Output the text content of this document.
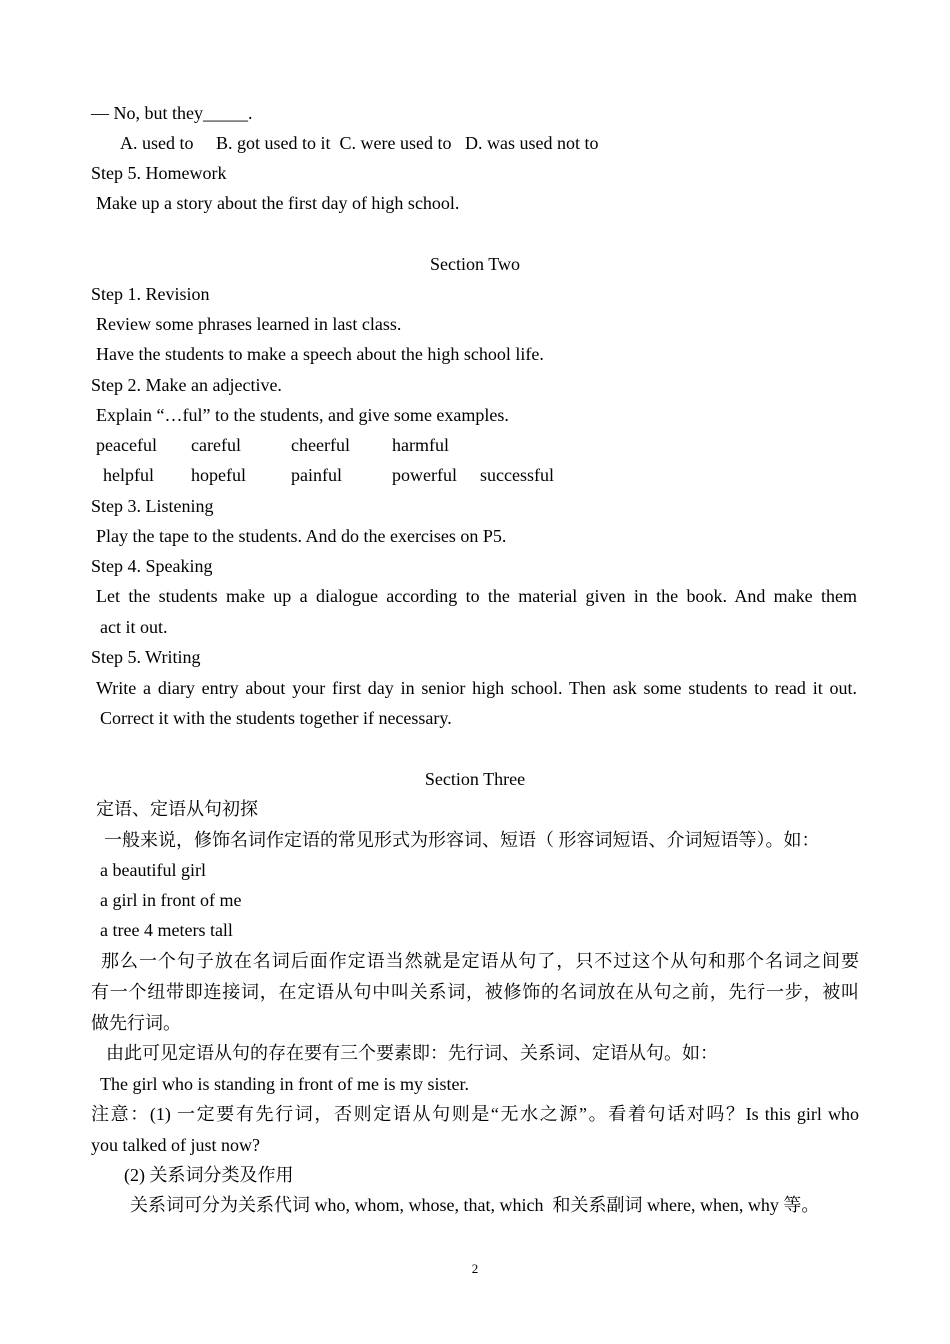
— No, but they_____.
A. used to     B. got used to it  C. were used to   D. was used not to
Step 5. Homework
Make up a story about the first day of high school.
Section Two
Step 1. Revision
Review some phrases learned in last class.
Have the students to make a speech about the high school life.
Step 2. Make an adjective.
Explain “…ful” to the students, and give some examples.
peaceful careful	cheerful harmful
helpful hopeful	painful	powerful successful
Step 3. Listening
Play the tape to the students. And do the exercises on P5.
Step 4. Speaking
Let the students make up a dialogue according to the material given in the book. And make them
act it out.
Step 5. Writing
Write a diary entry about your first day in senior high school. Then ask some students to read it out.
Correct it with the students together if necessary.
Section Three
定语、定语从句初探
一般来说，修饰名词作定语的常见形式为形容词、短语（ 形容词短语、介词短语等）。如：
a beautiful girl
a girl in front of me
a tree 4 meters tall
那么一个句子放在名词后面作定语当然就是定语从句了，只不过这个从句和那个名词之间要
有一个纽带即连接词，在定语从句中叫关系词，被修饰的名词放在从句之前，先行一步，被叫
做先行词。
由此可见定语从句的存在要有三个要素即：先行词、关系词、定语从句。如：
The girl who is standing in front of me is my sister.
注意：(1) 一定要有先行词，否则定语从句则是“无水之源”。看着句话对吗？Is this girl who
you talked of just now?
(2) 关系词分类及作用
关系词可分为关系代词 who, whom, whose, that, which  和关系副词 where, when, why 等。
2
